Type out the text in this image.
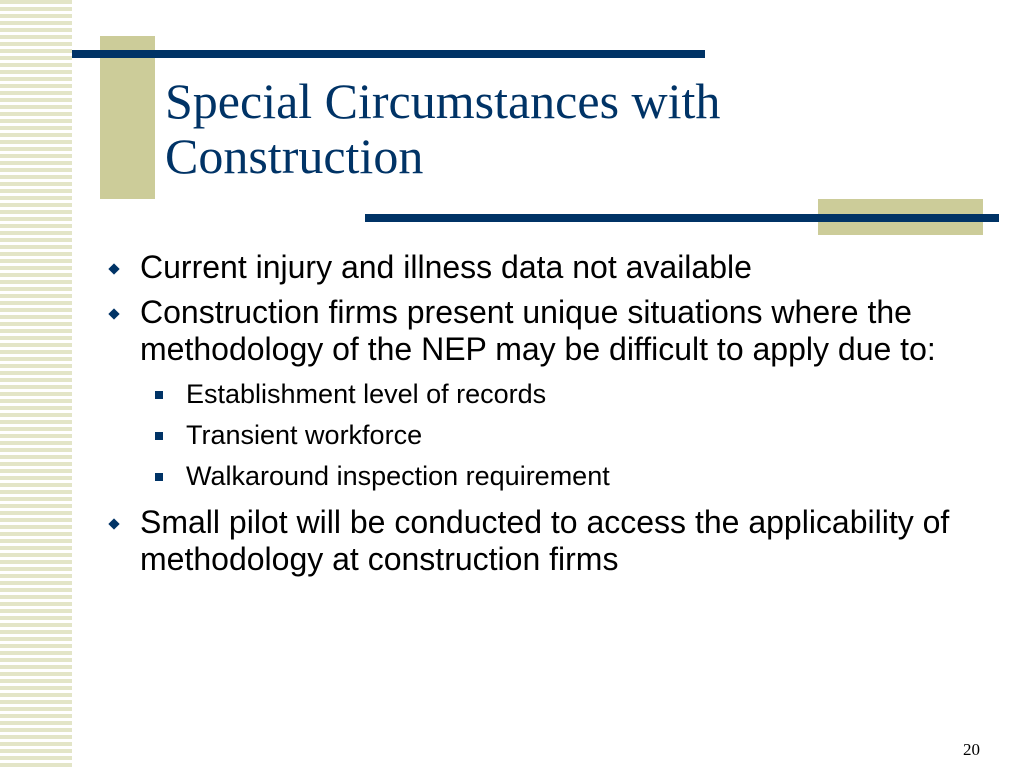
Special Circumstances with Construction
Current injury and illness data not available
Construction firms present unique situations where the methodology of the NEP may be difficult to apply due to:
Establishment level of records
Transient workforce
Walkaround inspection requirement
Small pilot will be conducted to access the applicability of methodology at construction firms
20
